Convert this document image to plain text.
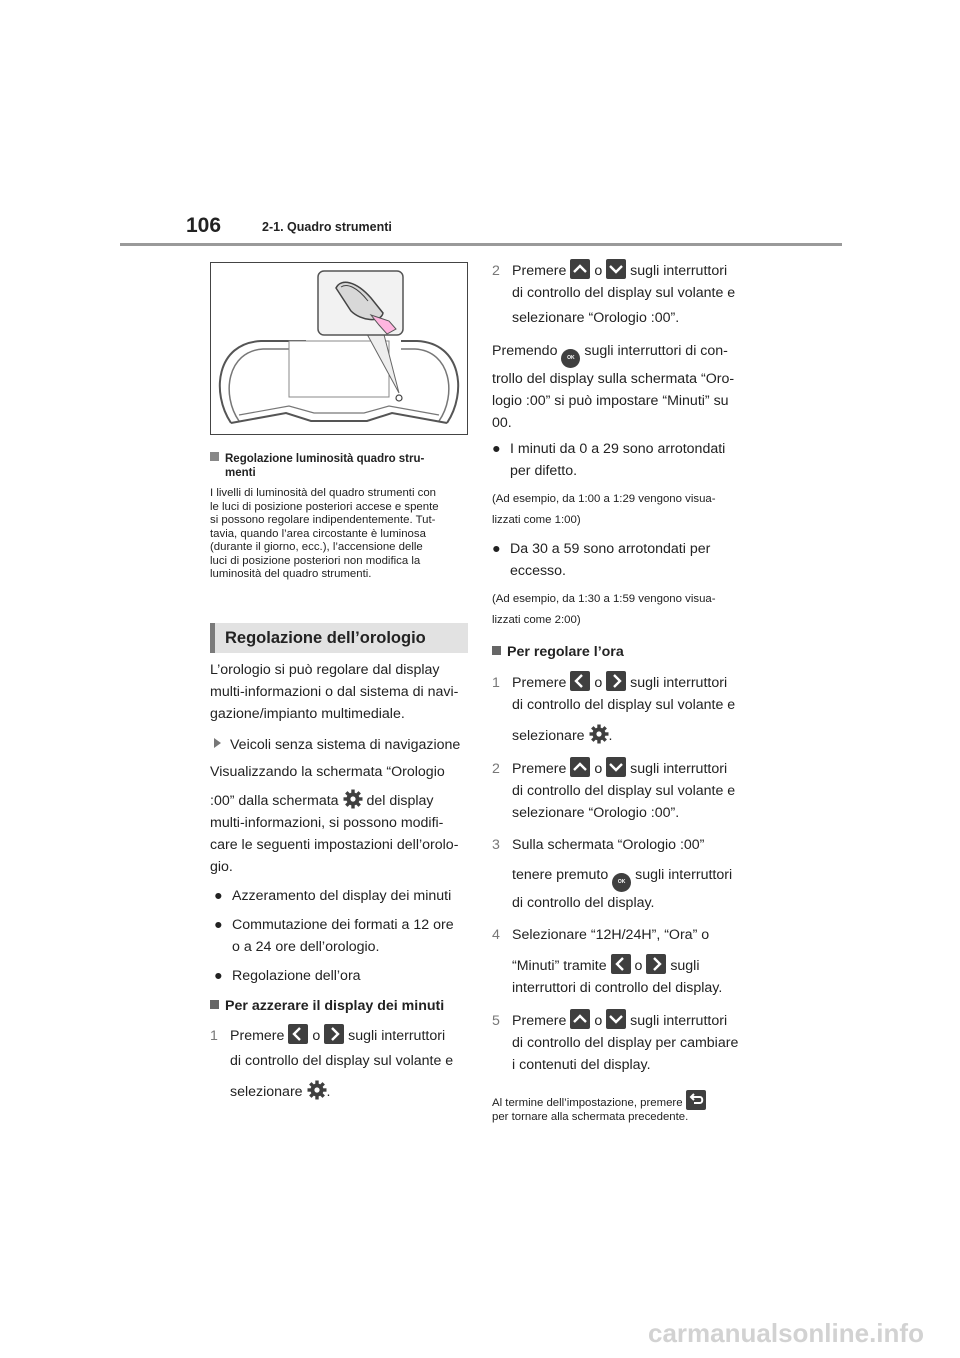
106	2-1. Quadro strumenti
Regolazione luminosità quadro stru-
menti
I livelli di luminosità del quadro strumenti con
le luci di posizione posteriori accese e spente
si possono regolare indipendentemente. Tut-
tavia, quando l’area circostante è luminosa
(durante il giorno, ecc.), l’accensione delle
luci di posizione posteriori non modifica la
luminosità del quadro strumenti.
Regolazione dell’orologio
L’orologio si può regolare dal display
multi-informazioni o dal sistema di navi-
gazione/impianto multimediale.
Veicoli senza sistema di navigazione
Visualizzando la schermata “Orologio
:00” dalla schermata del display
multi-informazioni, si possono modifi-
care le seguenti impostazioni dell’orolo-
gio.
● Azzeramento del display dei minuti
● Commutazione dei formati a 12 ore
o a 24 ore dell’orologio.
● Regolazione dell’ora
Per azzerare il display dei minuti
1 Premere o sugli interruttori
di controllo del display sul volante e
selezionare .
2 Premere o sugli interruttori
di controllo del display sul volante e
selezionare “Orologio :00”.
Premendo OK sugli interruttori di con-
trollo del display sulla schermata “Oro-
logio :00” si può impostare “Minuti” su
00.
● I minuti da 0 a 29 sono arrotondati
per difetto.
(Ad esempio, da 1:00 a 1:29 vengono visua-
lizzati come 1:00)
● Da 30 a 59 sono arrotondati per
eccesso.
(Ad esempio, da 1:30 a 1:59 vengono visua-
lizzati come 2:00)
Per regolare l’ora
1 Premere o sugli interruttori
di controllo del display sul volante e
selezionare .
2 Premere o sugli interruttori
di controllo del display sul volante e
selezionare “Orologio :00”.
3 Sulla schermata “Orologio :00”
tenere premuto OK sugli interruttori
di controllo del display.
4 Selezionare “12H/24H”, “Ora” o
“Minuti” tramite o sugli
interruttori di controllo del display.
5 Premere o sugli interruttori
di controllo del display per cambiare
i contenuti del display.
Al termine dell’impostazione, premere
per tornare alla schermata precedente.
carmanualsonline.info
